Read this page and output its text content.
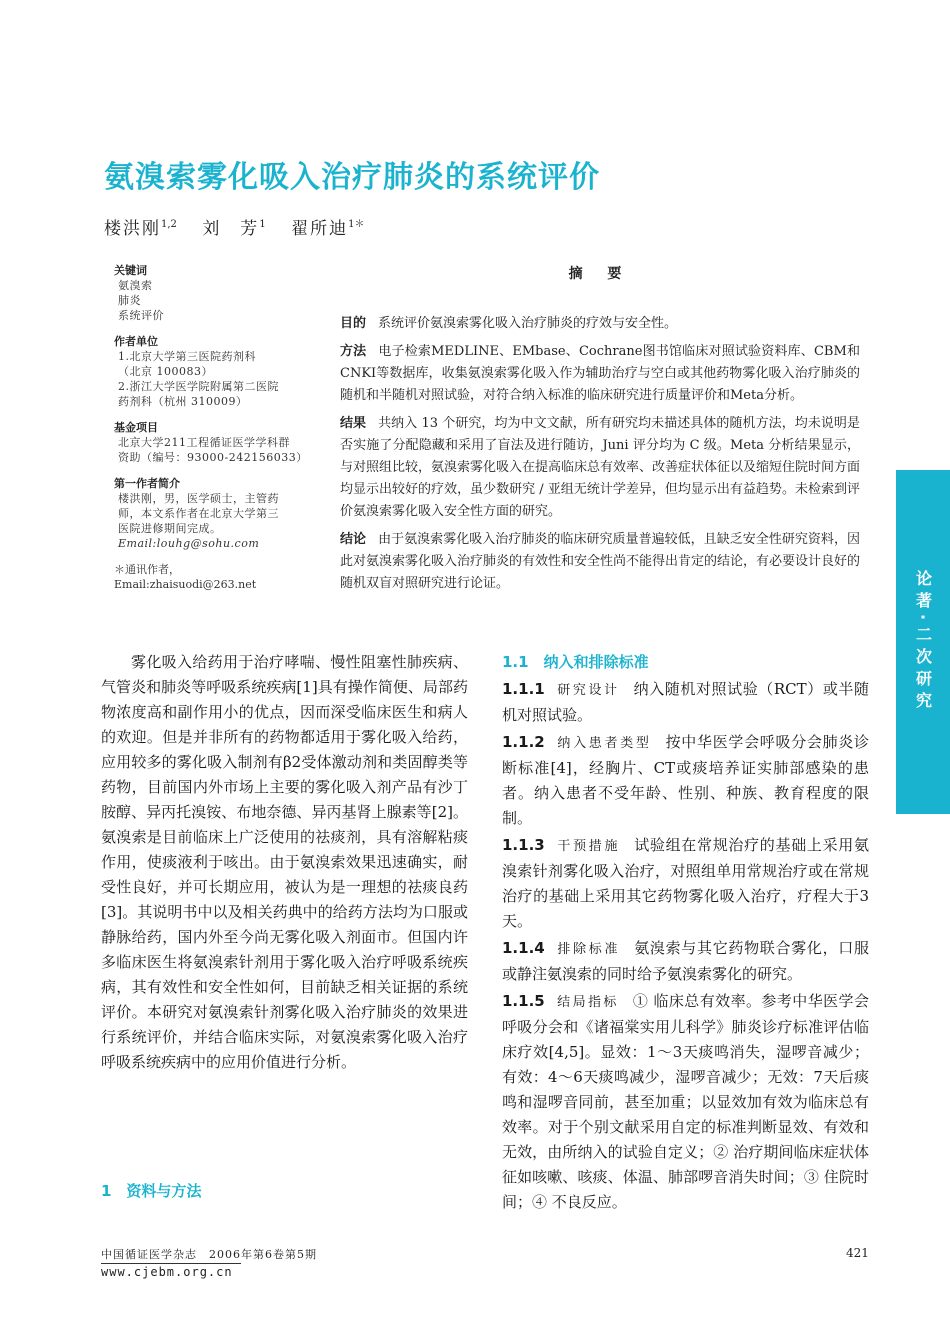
氨溴索雾化吸入治疗肺炎的系统评价
楼洪刚$^{1,2}$ 刘　芳$^1$ 翟所迪$^{1*}$
关键词
氨溴索
肺炎
系统评价
作者单位
1.北京大学第三医院药剂科
（北京 100083）
2.浙江大学医学院附属第二医院
药剂科（杭州 310009）
基金项目
北京大学211工程循证医学学科群
资助（编号：93000-242156033）
第一作者简介
楼洪刚，男，医学硕士，主管药
师，本文系作者在北京大学第三
医院进修期间完成。
Email:louhg@sohu.com
＊通讯作者，Email:zhaisuodi@263.net
摘 要
目的 系统评价氨溴索雾化吸入治疗肺炎的疗效与安全性。
方法 电子检索MEDLINE、EMbase、Cochrane图书馆临床对照试验资料库、CBM和CNKI等数据库，收集氨溴索雾化吸入作为辅助治疗与空白或其他药物雾化吸入治疗肺炎的随机和半随机对照试验，对符合纳入标准的临床研究进行质量评价和Meta分析。
结果 共纳入 13 个研究，均为中文文献，所有研究均未描述具体的随机方法，均未说明是否实施了分配隐藏和采用了盲法及进行随访，Juni 评分均为 C 级。Meta 分析结果显示，与对照组比较，氨溴索雾化吸入在提高临床总有效率、改善症状体征以及缩短住院时间方面均显示出较好的疗效，虽少数研究 / 亚组无统计学差异，但均显示出有益趋势。未检索到评价氨溴索雾化吸入安全性方面的研究。
结论 由于氨溴索雾化吸入治疗肺炎的临床研究质量普遍较低，且缺乏安全性研究资料，因此对氨溴索雾化吸入治疗肺炎的有效性和安全性尚不能得出肯定的结论，有必要设计良好的随机双盲对照研究进行论证。	论著·二次研究

雾化吸入给药用于治疗哮喘、慢性阻塞性肺疾病、气管炎和肺炎等呼吸系统疾病[1]具有操作简便、局部药物浓度高和副作用小的优点，因而深受临床医生和病人的欢迎。但是并非所有的药物都适用于雾化吸入给药，应用较多的雾化吸入制剂有β2受体激动剂和类固醇类等药物，目前国内外市场上主要的雾化吸入剂产品有沙丁胺醇、异丙托溴铵、布地奈德、异丙基肾上腺素等[2]。氨溴索是目前临床上广泛使用的祛痰剂，具有溶解粘痰作用，使痰液利于咳出。由于氨溴索效果迅速确实，耐受性良好，并可长期应用，被认为是一理想的祛痰良药[3]。其说明书中以及相关药典中的给药方法均为口服或静脉给药，国内外至今尚无雾化吸入剂面市。但国内许多临床医生将氨溴索针剂用于雾化吸入治疗呼吸系统疾病，其有效性和安全性如何，目前缺乏相关证据的系统评价。本研究对氨溴索针剂雾化吸入治疗肺炎的效果进行系统评价，并结合临床实际，对氨溴索雾化吸入治疗呼吸系统疾病中的应用价值进行分析。

1　资料与方法
1.1　纳入和排除标准
1.1.1 研究设计 纳入随机对照试验（RCT）或半随机对照试验。
1.1.2 纳入患者类型 按中华医学会呼吸分会肺炎诊断标准[4]，经胸片、CT或痰培养证实肺部感染的患者。纳入患者不受年龄、性别、种族、教育程度的限制。
1.1.3 干预措施 试验组在常规治疗的基础上采用氨溴索针剂雾化吸入治疗，对照组单用常规治疗或在常规治疗的基础上采用其它药物雾化吸入治疗，疗程大于3天。
1.1.4 排除标准 氨溴索与其它药物联合雾化，口服或静注氨溴索的同时给予氨溴索雾化的研究。
1.1.5 结局指标 ① 临床总有效率。参考中华医学会呼吸分会和《诸福棠实用儿科学》肺炎诊疗标准评估临床疗效[4,5]。显效：1～3天痰鸣消失，湿啰音减少；有效：4～6天痰鸣减少，湿啰音减少；无效：7天后痰鸣和湿啰音同前，甚至加重；以显效加有效为临床总有效率。对于个别文献采用自定的标准判断显效、有效和无效，由所纳入的试验自定义；② 治疗期间临床症状体征如咳嗽、咳痰、体温、肺部啰音消失时间；③ 住院时间；④ 不良反应。
中国循证医学杂志　2006年第6卷第5期
www.cjebm.org.cn
421
